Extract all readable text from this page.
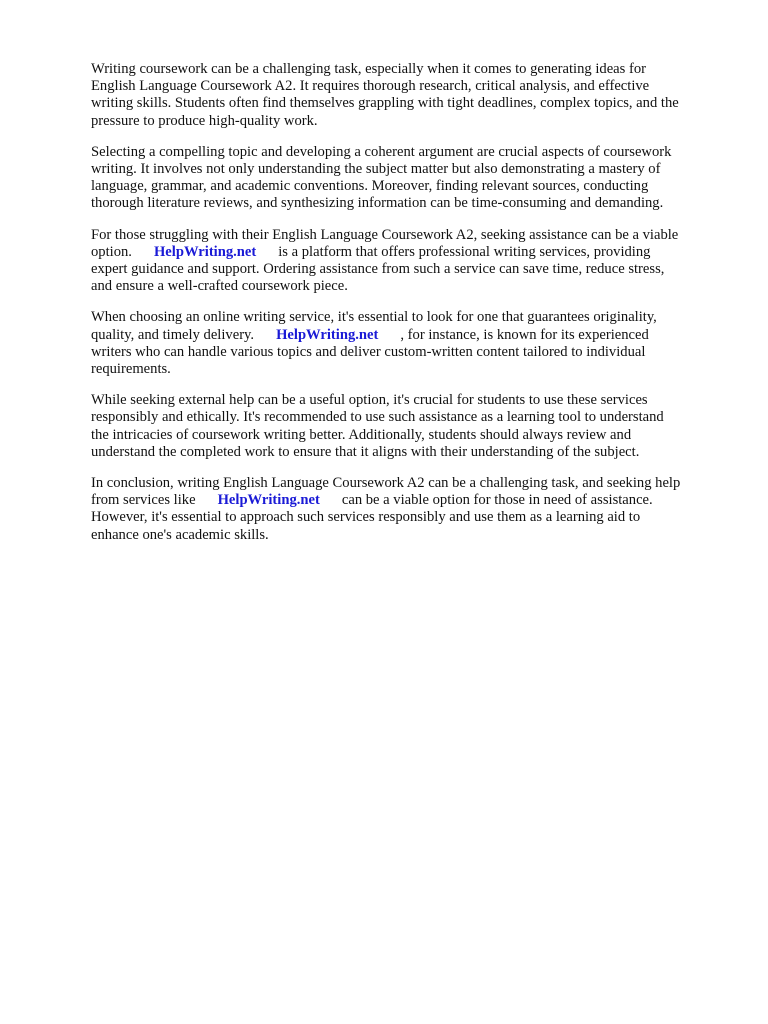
Writing coursework can be a challenging task, especially when it comes to generating ideas for
English Language Coursework A2. It requires thorough research, critical analysis, and effective
writing skills. Students often find themselves grappling with tight deadlines, complex topics, and the
pressure to produce high-quality work.

Selecting a compelling topic and developing a coherent argument are crucial aspects of coursework
writing. It involves not only understanding the subject matter but also demonstrating a mastery of
language, grammar, and academic conventions. Moreover, finding relevant sources, conducting
thorough literature reviews, and synthesizing information can be time-consuming and demanding.

For those struggling with their English Language Coursework A2, seeking assistance can be a viable
option. HelpWriting.net is a platform that offers professional writing services, providing
expert guidance and support. Ordering assistance from such a service can save time, reduce stress,
and ensure a well-crafted coursework piece.

When choosing an online writing service, it's essential to look for one that guarantees originality,
quality, and timely delivery. HelpWriting.net , for instance, is known for its experienced
writers who can handle various topics and deliver custom-written content tailored to individual
requirements.

While seeking external help can be a useful option, it's crucial for students to use these services
responsibly and ethically. It's recommended to use such assistance as a learning tool to understand
the intricacies of coursework writing better. Additionally, students should always review and
understand the completed work to ensure that it aligns with their understanding of the subject.

In conclusion, writing English Language Coursework A2 can be a challenging task, and seeking help
from services like HelpWriting.net can be a viable option for those in need of assistance.
However, it's essential to approach such services responsibly and use them as a learning aid to
enhance one's academic skills.
